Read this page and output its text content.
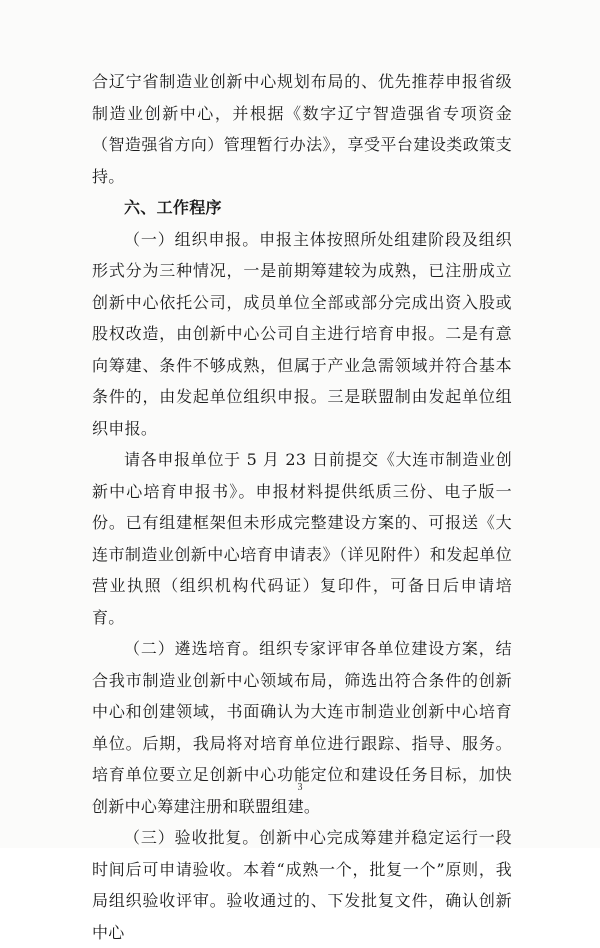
合辽宁省制造业创新中心规划布局的、优先推荐申报省级制造业创新中心，并根据《数字辽宁智造强省专项资金（智造强省方向）管理暂行办法》，享受平台建设类政策支持。

六、工作程序

（一）组织申报。申报主体按照所处组建阶段及组织形式分为三种情况，一是前期筹建较为成熟，已注册成立创新中心依托公司，成员单位全部或部分完成出资入股或股权改造，由创新中心公司自主进行培育申报。二是有意向筹建、条件不够成熟，但属于产业急需领域并符合基本条件的，由发起单位组织申报。三是联盟制由发起单位组织申报。

请各申报单位于 5 月 23 日前提交《大连市制造业创新中心培育申报书》。申报材料提供纸质三份、电子版一份。已有组建框架但未形成完整建设方案的、可报送《大连市制造业创新中心培育申请表》（详见附件）和发起单位营业执照（组织机构代码证）复印件，可备日后申请培育。

（二）遴选培育。组织专家评审各单位建设方案，结合我市制造业创新中心领域布局，筛选出符合条件的创新中心和创建领域，书面确认为大连市制造业创新中心培育单位。后期，我局将对培育单位进行跟踪、指导、服务。培育单位要立足创新中心功能定位和建设任务目标，加快创新中心筹建注册和联盟组建。

（三）验收批复。创新中心完成筹建并稳定运行一段时间后可申请验收。本着“成熟一个，批复一个”原则，我局组织验收评审。验收通过的、下发批复文件，确认创新中心

3
